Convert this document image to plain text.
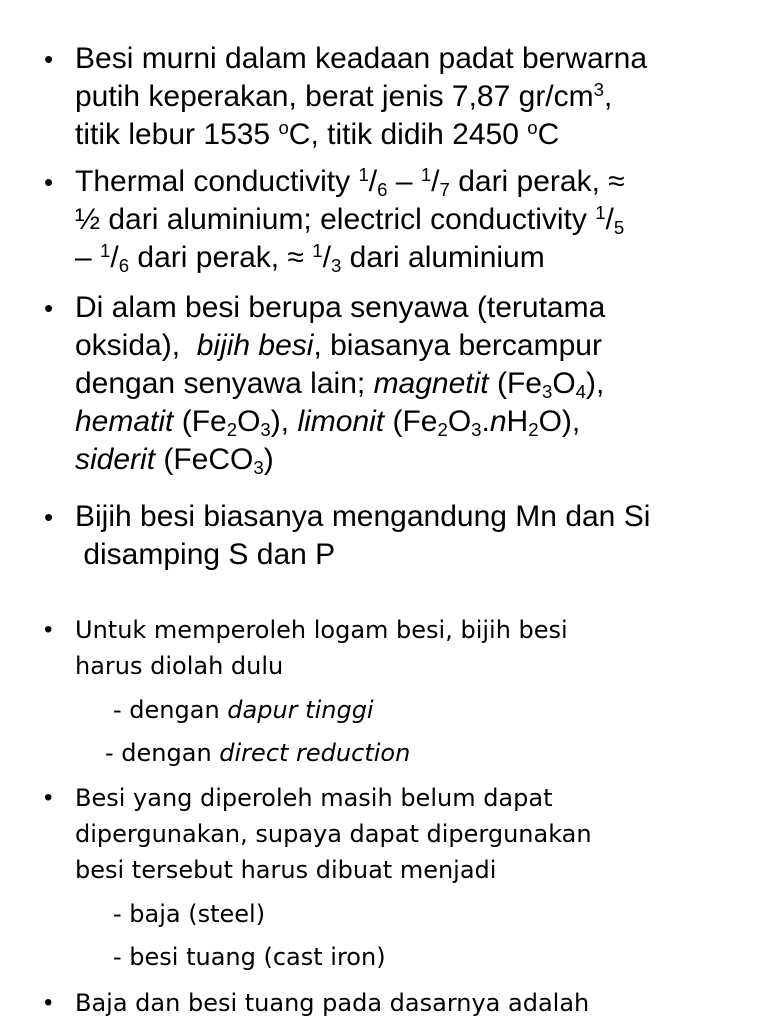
• Besi murni dalam keadaan padat berwarna
putih keperakan, berat jenis 7,87 $gr/cm^3$,
titik lebur 1535 $^o$C, titik didih 2450 $^o$C
• Thermal conductivity $^1/_6 - ^1/_7$ dari perak, ≈
½ dari aluminium; electricl conductivity $^1/_5$
– $^1/_6$ dari perak, ≈ $^1/_3$ dari aluminium
• Di alam besi berupa senyawa (terutama
oksida),  bijih besi, biasanya bercampur
dengan senyawa lain; magnetit $(Fe_3O_4)$,
hematit $(Fe_2O_3)$, limonit $(Fe_2O_3.nH_2O)$,
siderit (FeCO$_3$)
• Bijih besi biasanya mengandung Mn dan Si
disamping S dan P
• Untuk memperoleh logam besi, bijih besi
harus diolah dulu
- dengan dapur tinggi
- dengan direct reduction
• Besi yang diperoleh masih belum dapat
dipergunakan, supaya dapat dipergunakan
besi tersebut harus dibuat menjadi
- baja (steel)
- besi tuang (cast iron)
• Baja dan besi tuang pada dasarnya adalah
